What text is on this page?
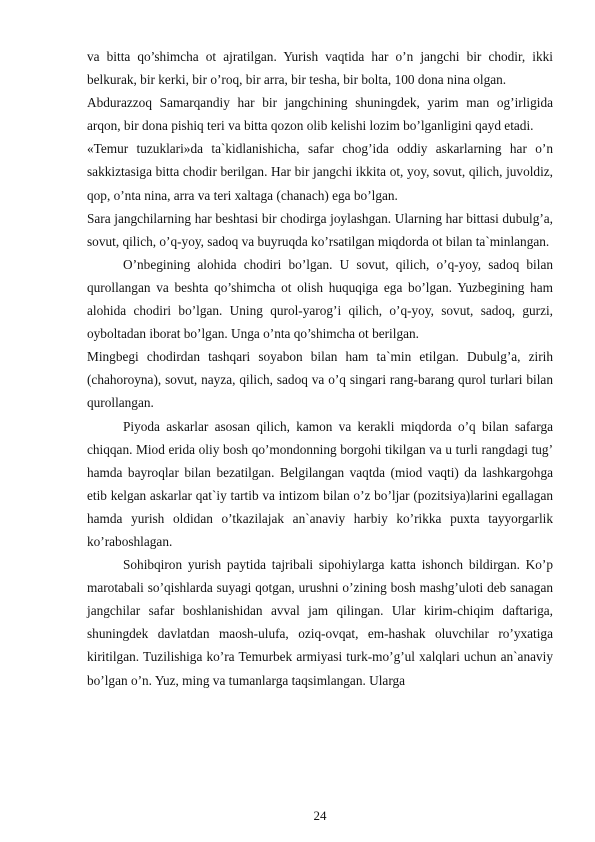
va bitta qo’shimcha ot ajratilgan. Yurish vaqtida har o’n jangchi bir chodir, ikki belkurak, bir kerki, bir o’roq, bir arra, bir tesha, bir bolta, 100 dona nina olgan.

Abdurazzoq Samarqandiy har bir jangchining shuningdek, yarim man og’irligida arqon, bir dona pishiq teri va bitta qozon olib kelishi lozim bo’lganligini qayd etadi.

«Temur tuzuklari»da ta`kidlanishicha, safar chog’ida oddiy askarlarning har o’n sakkiztasiga bitta chodir berilgan. Har bir jangchi ikkita ot, yoy, sovut, qilich, juvoldiz, qop, o’nta nina, arra va teri xaltaga (chanach) ega bo’lgan.

Sara jangchilarning har beshtasi bir chodirga joylashgan. Ularning har bittasi dubulg’a, sovut, qilich, o’q-yoy, sadoq va buyruqda ko’rsatilgan miqdorda ot bilan ta`minlangan.

O’nbegining alohida chodiri bo’lgan. U sovut, qilich, o’q-yoy, sadoq bilan qurollangan va beshta qo’shimcha ot olish huquqiga ega bo’lgan. Yuzbegining ham alohida chodiri bo’lgan. Uning qurol-yarog’i qilich, o’q-yoy, sovut, sadoq, gurzi, oyboltadan iborat bo’lgan. Unga o’nta qo’shimcha ot berilgan.

Mingbegi chodirdan tashqari soyabon bilan ham ta`min etilgan. Dubulg’a, zirih (chahoroyna), sovut, nayza, qilich, sadoq va o’q singari rang-barang qurol turlari bilan qurollangan.

Piyoda askarlar asosan qilich, kamon va kerakli miqdorda o’q bilan safarga chiqqan. Miod erida oliy bosh qo’mondonning borgohi tikilgan va u turli rangdagi tug’ hamda bayroqlar bilan bezatilgan. Belgilangan vaqtda (miod vaqti) da lashkargohga etib kelgan askarlar qat`iy tartib va intizom bilan o’z bo’ljar (pozitsiya)larini egallagan hamda yurish oldidan o’tkazilajak an`anaviy harbiy ko’rikka puxta tayyorgarlik ko’raboshlagan.

Sohibqiron yurish paytida tajribali sipohiylarga katta ishonch bildirgan. Ko’p marotabali so’qishlarda suyagi qotgan, urushni o’zining bosh mashg’uloti deb sanagan jangchilar safar boshlanishidan avval jam qilingan. Ular kirim-chiqim daftariga, shuningdek davlatdan maosh-ulufa, oziq-ovqat, em-hashak oluvchilar ro’yxatiga kiritilgan. Tuzilishiga ko’ra Temurbek armiyasi turk-mo’g’ul xalqlari uchun an`anaviy bo’lgan o’n. Yuz, ming va tumanlarga taqsimlangan. Ularga

24
